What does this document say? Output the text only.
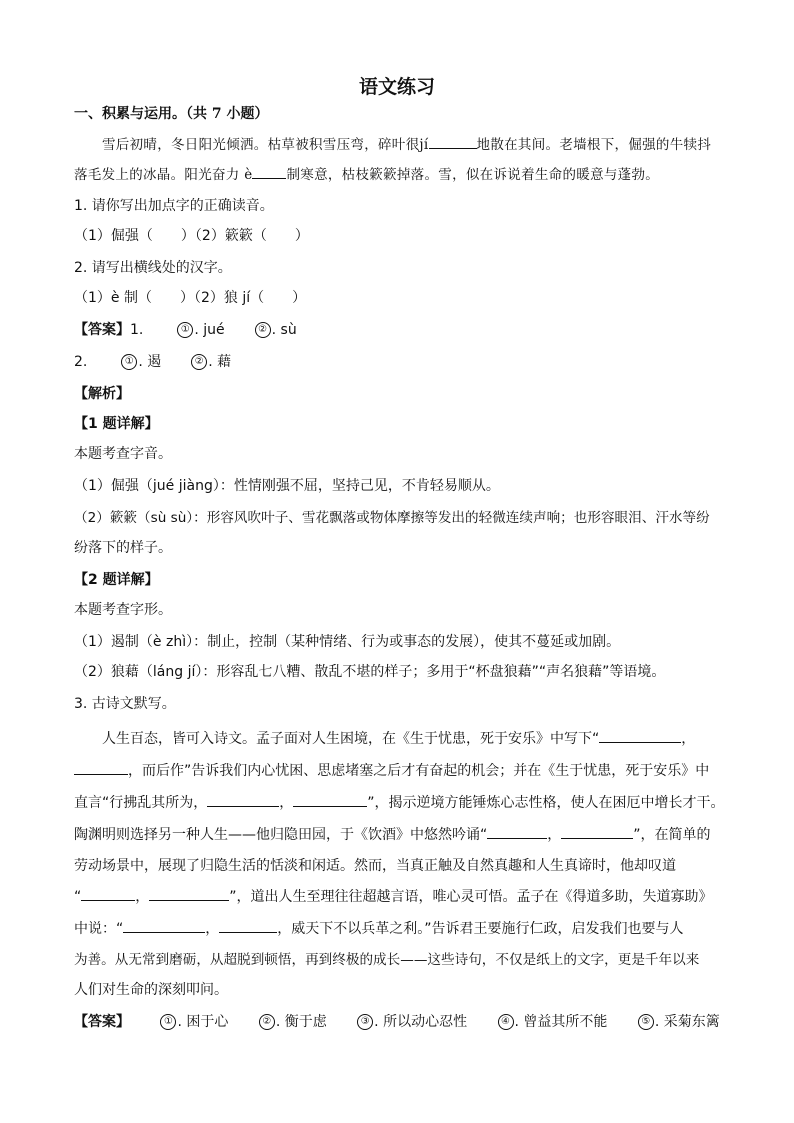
语文练习
一、积累与运用。（共 7 小题）
雪后初晴，冬日阳光倾洒。枯草被积雪压弯，碎叶很jí	地散在其间。老墙根下，倔强的牛犊抖
落毛发上的冰晶。阳光奋力 è	制寒意，枯枝簌簌掉落。雪，似在诉说着生命的暖意与蓬勃。
1. 请你写出加点字的正确读音。
（1）倔强（　　）（2）簌簌（　　）
2. 请写出横线处的汉字。
（1）è 制（　　）（2）狼 jí（　　）
【答案】1.	① . jué	② . sù
2.	① . 遏	② . 藉
【解析】
【1 题详解】
本题考查字音。
（1）倔强（jué jiàng）：性情刚强不屈，坚持己见，不肯轻易顺从。
（2）簌簌（sù sù）：形容风吹叶子、雪花飘落或物体摩擦等发出的轻微连续声响；也形容眼泪、汗水等纷
纷落下的样子。
【2 题详解】
本题考查字形。
（1）遏制（è zhì）：制止，控制（某种情绪、行为或事态的发展），使其不蔓延或加剧。
（2）狼藉（láng jí）：形容乱七八糟、散乱不堪的样子；多用于“杯盘狼藉”“声名狼藉”等语境。
3. 古诗文默写。
人生百态，皆可入诗文。孟子面对人生困境，在《生于忧患，死于安乐》中写下“	，
，而后作”告诉我们内心忧困、思虑堵塞之后才有奋起的机会；并在《生于忧患，死于安乐》中
直言“行拂乱其所为，	，	”，揭示逆境方能锤炼心志性格，使人在困厄中增长才干。
陶渊明则选择另一种人生——他归隐田园，于《饮酒》中悠然吟诵“	，	”，在简单的
劳动场景中，展现了归隐生活的恬淡和闲适。然而，当真正触及自然真趣和人生真谛时，他却叹道
“	，	”，道出人生至理往往超越言语，唯心灵可悟。孟子在《得道多助，失道寡助》
中说：“	，	，威天下不以兵革之利。”告诉君王要施行仁政，启发我们也要与人
为善。从无常到磨砺，从超脱到顿悟，再到终极的成长——这些诗句，不仅是纸上的文字，更是千年以来
人们对生命的深刻叩问。
【答案】	① . 困于心	② . 衡于虑	③ . 所以动心忍性	④ . 曾益其所不能	⑤ . 采菊东篱
